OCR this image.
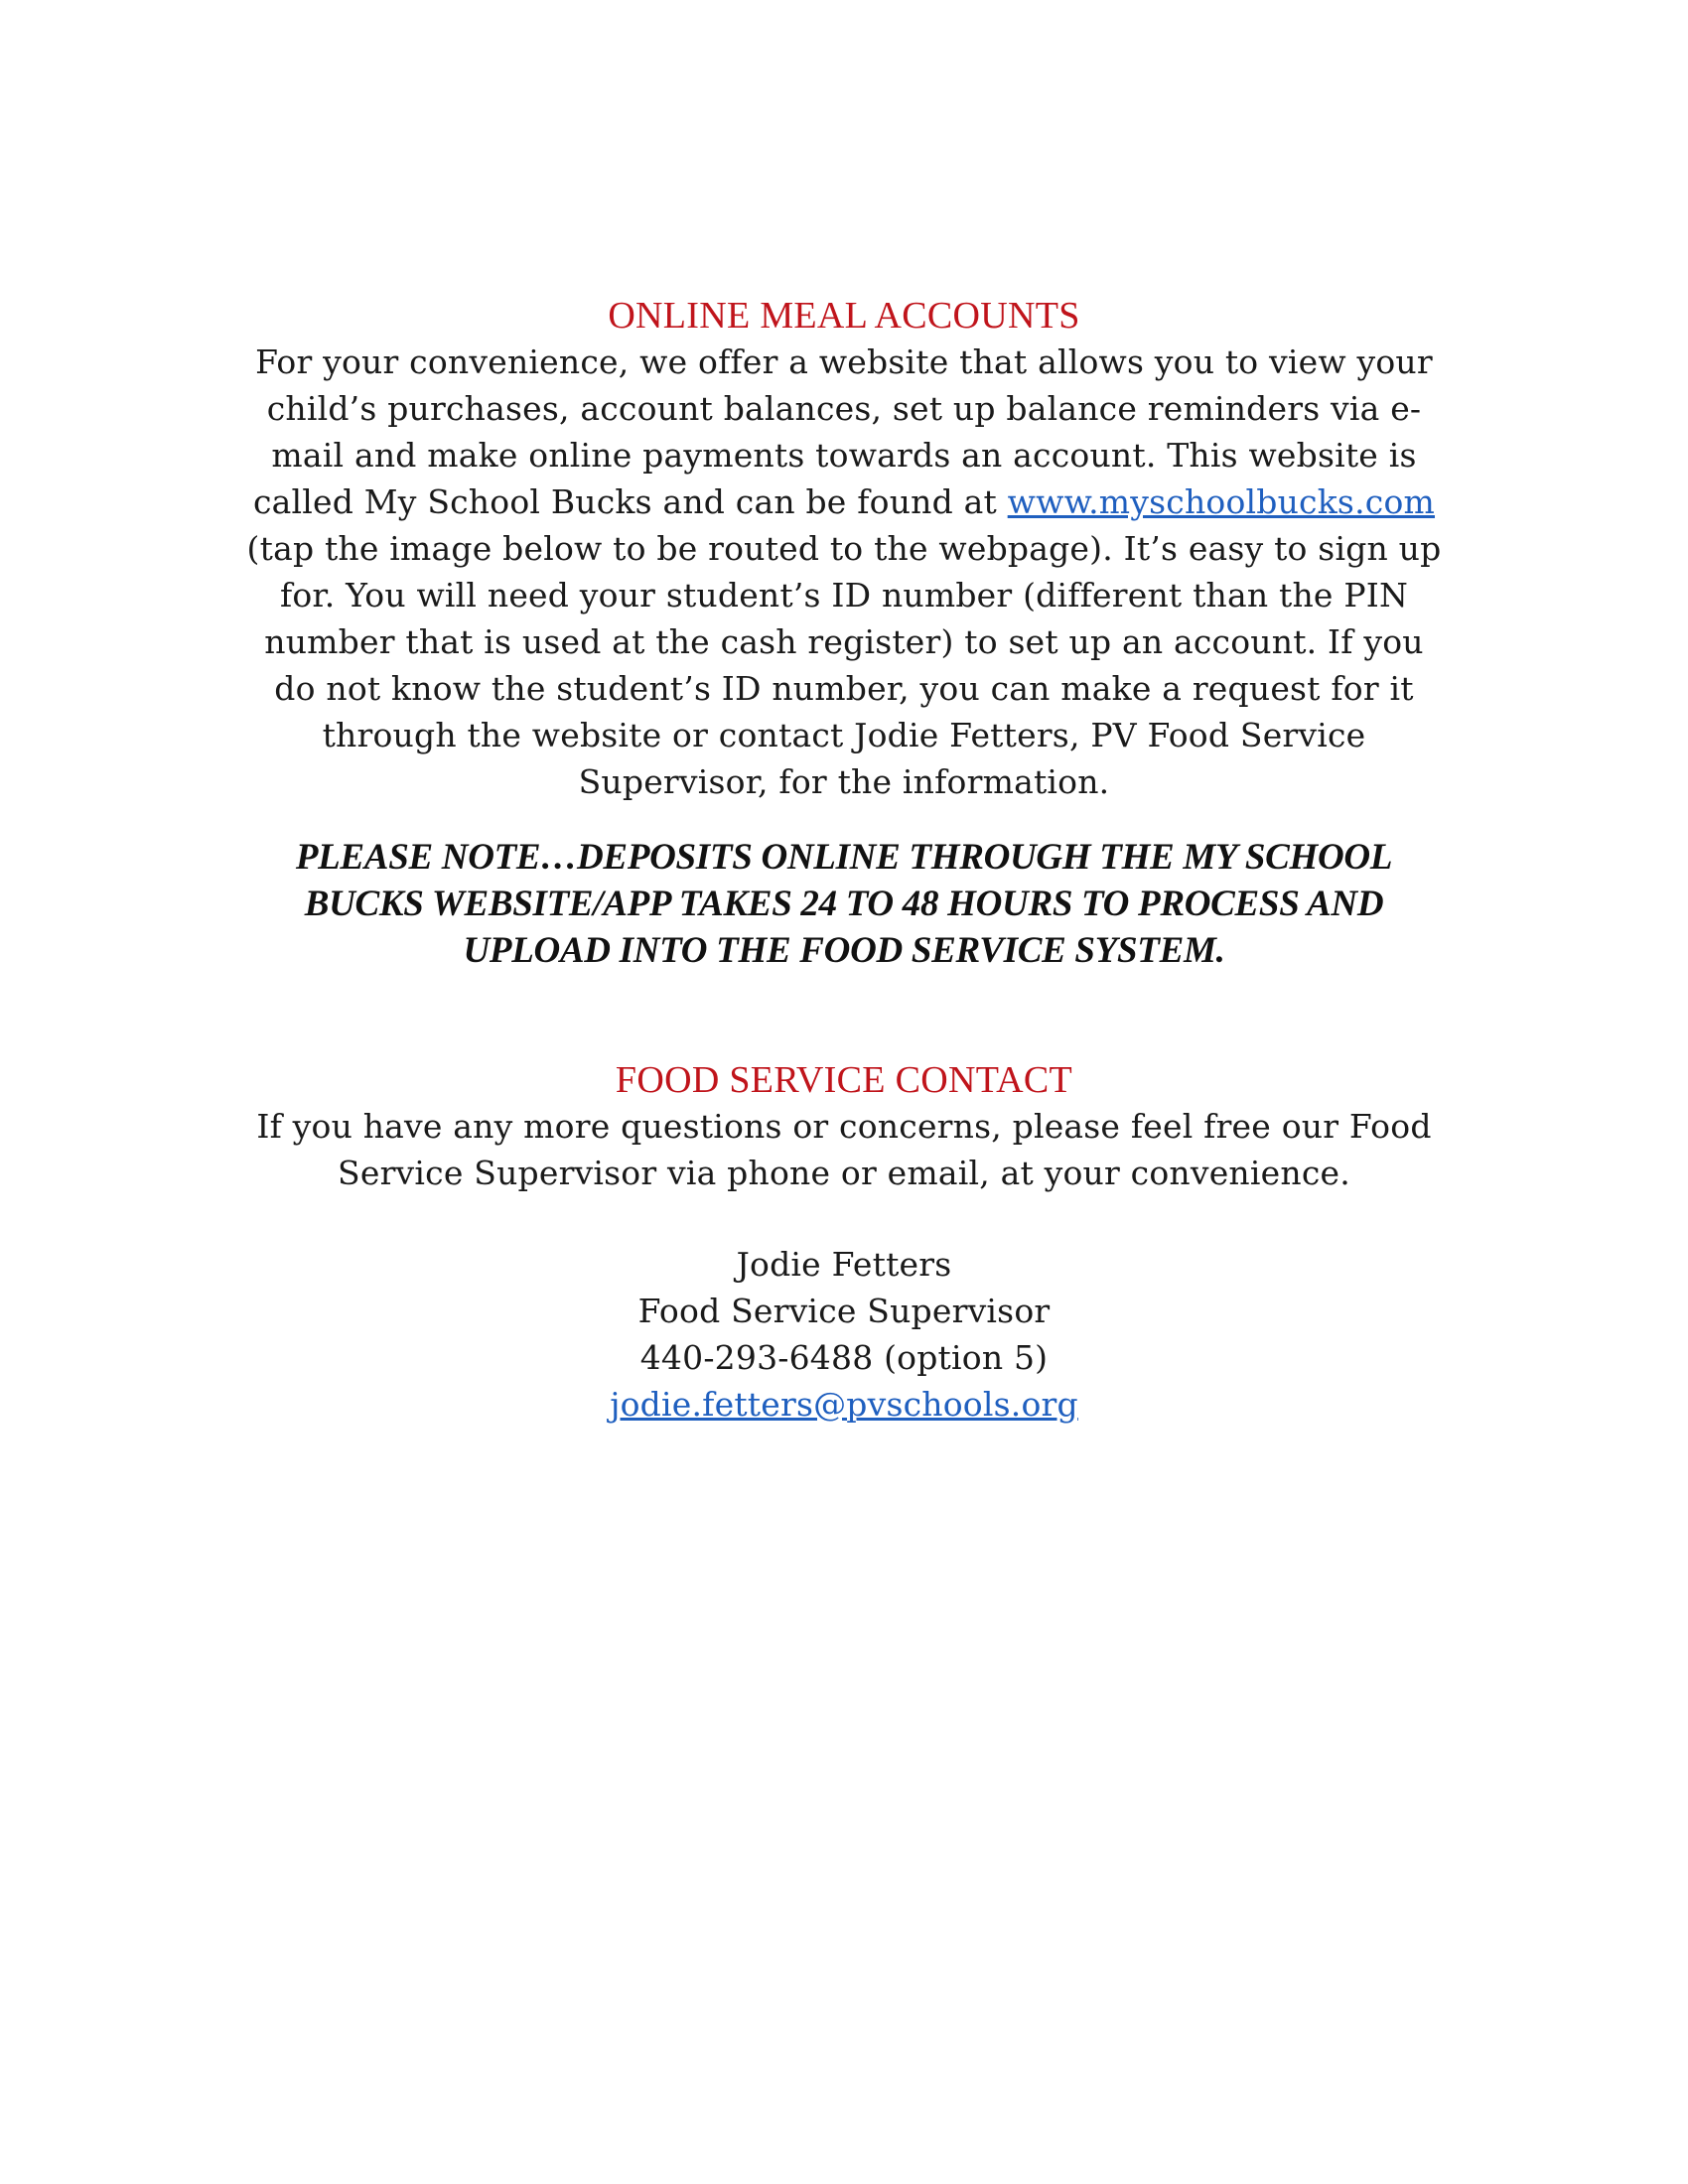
ONLINE MEAL ACCOUNTS
For your convenience, we offer a website that allows you to view your
child’s purchases, account balances, set up balance reminders via e-
mail and make online payments towards an account. This website is
called My School Bucks and can be found at www.myschoolbucks.com
(tap the image below to be routed to the webpage). It’s easy to sign up
for. You will need your student’s ID number (different than the PIN
number that is used at the cash register) to set up an account. If you
do not know the student’s ID number, you can make a request for it
through the website or contact Jodie Fetters, PV Food Service
Supervisor, for the information.
PLEASE NOTE…DEPOSITS ONLINE THROUGH THE MY SCHOOL
BUCKS WEBSITE/APP TAKES 24 TO 48 HOURS TO PROCESS AND
UPLOAD INTO THE FOOD SERVICE SYSTEM.
FOOD SERVICE CONTACT
If you have any more questions or concerns, please feel free our Food
Service Supervisor via phone or email, at your convenience.
Jodie Fetters
Food Service Supervisor
440-293-6488 (option 5)
jodie.fetters@pvschools.org
